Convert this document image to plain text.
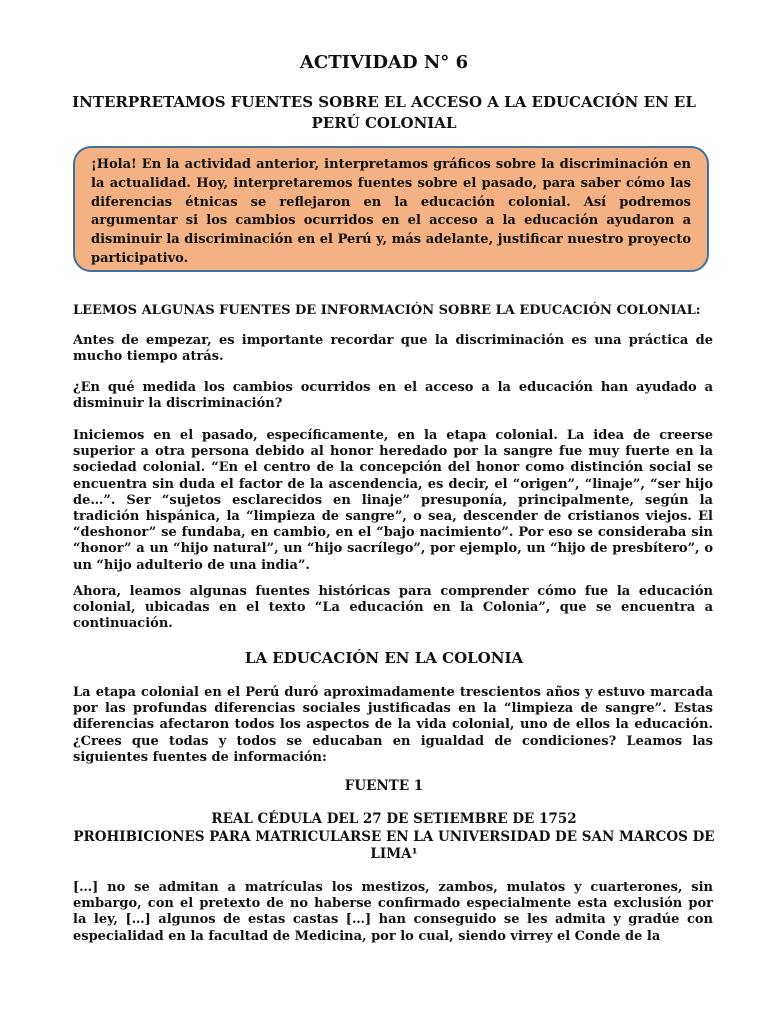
ACTIVIDAD N° 6
INTERPRETAMOS FUENTES SOBRE EL ACCESO A LA EDUCACIÓN EN EL PERÚ COLONIAL
¡Hola! En la actividad anterior, interpretamos gráficos sobre la discriminación en la actualidad. Hoy, interpretaremos fuentes sobre el pasado, para saber cómo las diferencias étnicas se reflejaron en la educación colonial. Así podremos argumentar si los cambios ocurridos en el acceso a la educación ayudaron a disminuir la discriminación en el Perú y, más adelante, justificar nuestro proyecto participativo.

LEEMOS ALGUNAS FUENTES DE INFORMACIÓN SOBRE LA EDUCACIÓN COLONIAL:

Antes de empezar, es importante recordar que la discriminación es una práctica de mucho tiempo atrás.

¿En qué medida los cambios ocurridos en el acceso a la educación han ayudado a disminuir la discriminación?

Iniciemos en el pasado, específicamente, en la etapa colonial. La idea de creerse superior a otra persona debido al honor heredado por la sangre fue muy fuerte en la sociedad colonial. “En el centro de la concepción del honor como distinción social se encuentra sin duda el factor de la ascendencia, es decir, el “origen”, “linaje”, “ser hijo de…”. Ser “sujetos esclarecidos en linaje” presuponía, principalmente, según la tradición hispánica, la “limpieza de sangre”, o sea, descender de cristianos viejos. El “deshonor” se fundaba, en cambio, en el “bajo nacimiento”. Por eso se consideraba sin “honor” a un “hijo natural”, un “hijo sacrílego”, por ejemplo, un “hijo de presbítero”, o un “hijo adulterio de una india”.

Ahora, leamos algunas fuentes históricas para comprender cómo fue la educación colonial, ubicadas en el texto “La educación en la Colonia”, que se encuentra a continuación.

LA EDUCACIÓN EN LA COLONIA

La etapa colonial en el Perú duró aproximadamente trescientos años y estuvo marcada por las profundas diferencias sociales justificadas en la “limpieza de sangre”. Estas diferencias afectaron todos los aspectos de la vida colonial, uno de ellos la educación. ¿Crees que todas y todos se educaban en igualdad de condiciones? Leamos las siguientes fuentes de información:

FUENTE 1

REAL CÉDULA DEL 27 DE SETIEMBRE DE 1752

PROHIBICIONES PARA MATRICULARSE EN LA UNIVERSIDAD DE SAN MARCOS DE LIMA¹

[…] no se admitan a matrículas los mestizos, zambos, mulatos y cuarterones, sin embargo, con el pretexto de no haberse confirmado especialmente esta exclusión por la ley, […] algunos de estas castas […] han conseguido se les admita y gradúe con especialidad en la facultad de Medicina, por lo cual, siendo virrey el Conde de la
